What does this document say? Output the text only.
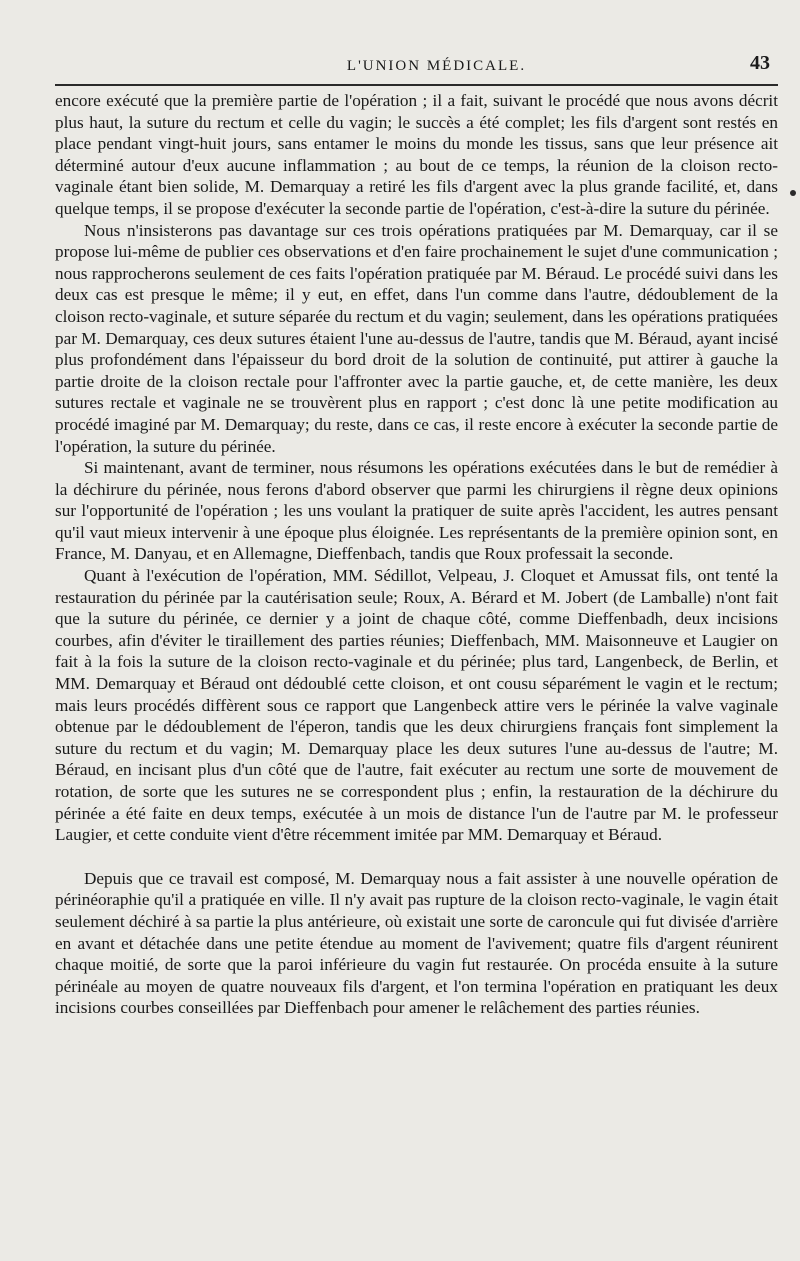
L'UNION MÉDICALE.	43

encore exécuté que la première partie de l'opération ; il a fait, suivant le procédé que nous avons décrit plus haut, la suture du rectum et celle du vagin; le succès a été complet; les fils d'argent sont restés en place pendant vingt-huit jours, sans entamer le moins du monde les tissus, sans que leur présence ait déterminé autour d'eux aucune inflammation ; au bout de ce temps, la réunion de la cloison recto-vaginale étant bien solide, M. Demarquay a retiré les fils d'argent avec la plus grande facilité, et, dans quelque temps, il se propose d'exécuter la seconde partie de l'opération, c'est-à-dire la suture du périnée.

Nous n'insisterons pas davantage sur ces trois opérations pratiquées par M. Demarquay, car il se propose lui-même de publier ces observations et d'en faire prochainement le sujet d'une communication ; nous rapprocherons seulement de ces faits l'opération pratiquée par M. Béraud. Le procédé suivi dans les deux cas est presque le même; il y eut, en effet, dans l'un comme dans l'autre, dédoublement de la cloison recto-vaginale, et suture séparée du rectum et du vagin; seulement, dans les opérations pratiquées par M. Demarquay, ces deux sutures étaient l'une au-dessus de l'autre, tandis que M. Béraud, ayant incisé plus profondément dans l'épaisseur du bord droit de la solution de continuité, put attirer à gauche la partie droite de la cloison rectale pour l'affronter avec la partie gauche, et, de cette manière, les deux sutures rectale et vaginale ne se trouvèrent plus en rapport ; c'est donc là une petite modification au procédé imaginé par M. Demarquay; du reste, dans ce cas, il reste encore à exécuter la seconde partie de l'opération, la suture du périnée.

Si maintenant, avant de terminer, nous résumons les opérations exécutées dans le but de remédier à la déchirure du périnée, nous ferons d'abord observer que parmi les chirurgiens il règne deux opinions sur l'opportunité de l'opération ; les uns voulant la pratiquer de suite après l'accident, les autres pensant qu'il vaut mieux intervenir à une époque plus éloignée. Les représentants de la première opinion sont, en France, M. Danyau, et en Allemagne, Dieffenbach, tandis que Roux professait la seconde.

Quant à l'exécution de l'opération, MM. Sédillot, Velpeau, J. Cloquet et Amussat fils, ont tenté la restauration du périnée par la cautérisation seule; Roux, A. Bérard et M. Jobert (de Lamballe) n'ont fait que la suture du périnée, ce dernier y a joint de chaque côté, comme Dieffenbadh, deux incisions courbes, afin d'éviter le tiraillement des parties réunies; Dieffenbach, MM. Maisonneuve et Laugier on fait à la fois la suture de la cloison recto-vaginale et du périnée; plus tard, Langenbeck, de Berlin, et MM. Demarquay et Béraud ont dédoublé cette cloison, et ont cousu séparément le vagin et le rectum; mais leurs procédés diffèrent sous ce rapport que Langenbeck attire vers le périnée la valve vaginale obtenue par le dédoublement de l'éperon, tandis que les deux chirurgiens français font simplement la suture du rectum et du vagin; M. Demarquay place les deux sutures l'une au-dessus de l'autre; M. Béraud, en incisant plus d'un côté que de l'autre, fait exécuter au rectum une sorte de mouvement de rotation, de sorte que les sutures ne se correspondent plus ; enfin, la restauration de la déchirure du périnée a été faite en deux temps, exécutée à un mois de distance l'un de l'autre par M. le professeur Laugier, et cette conduite vient d'être récemment imitée par MM. Demarquay et Béraud.

Depuis que ce travail est composé, M. Demarquay nous a fait assister à une nouvelle opération de périnéoraphie qu'il a pratiquée en ville. Il n'y avait pas rupture de la cloison recto-vaginale, le vagin était seulement déchiré à sa partie la plus antérieure, où existait une sorte de caroncule qui fut divisée d'arrière en avant et détachée dans une petite étendue au moment de l'avivement; quatre fils d'argent réunirent chaque moitié, de sorte que la paroi inférieure du vagin fut restaurée. On procéda ensuite à la suture périnéale au moyen de quatre nouveaux fils d'argent, et l'on termina l'opération en pratiquant les deux incisions courbes conseillées par Dieffenbach pour amener le relâchement des parties réunies.
